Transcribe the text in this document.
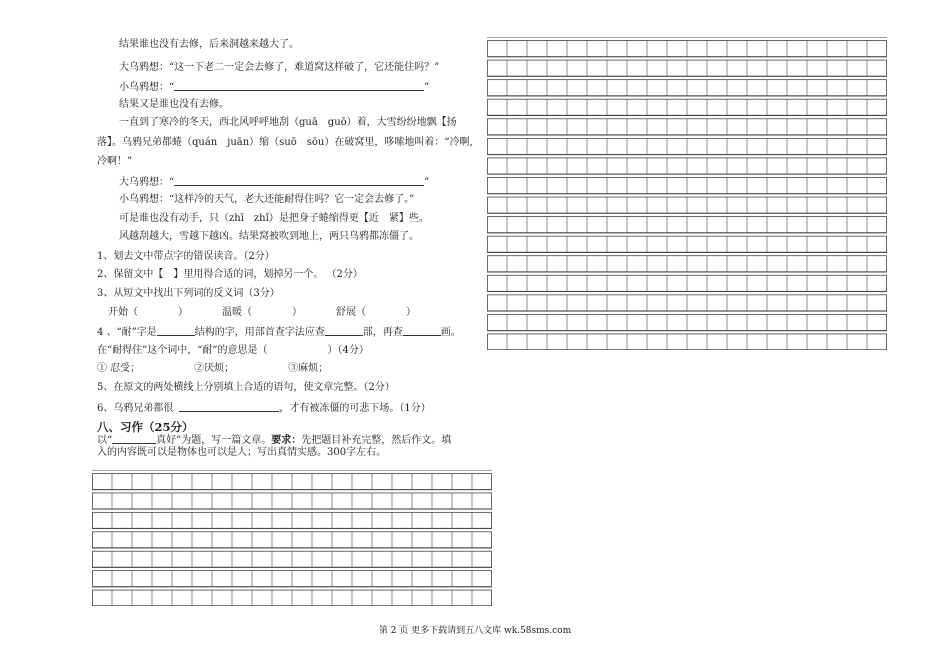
结果谁也没有去修，后来洞越来越大了。
大乌鸦想：“这一下老二一定会去修了，难道窝这样破了，它还能住吗？”
小乌鸦想：“	”
结果又是谁也没有去修。
一直到了寒冷的冬天，西北风呼呼地刮（guā　guō）着，大雪纷纷地飘【扬
落】。乌鸦兄弟都蜷（quán　juān）缩（suō　sōu）在破窝里，哆嗦地叫着：“冷啊,
冷啊！”
大乌鸦想：“	”
小乌鸦想：“这样冷的天气，老大还能耐得住吗？它一定会去修了。”
可是谁也没有动手，只（zhī　zhǐ）是把身子蜷缩得更【近　紧】些。
风越刮越大，雪越下越凶。结果窝被吹到地上，两只乌鸦都冻僵了。
1、划去文中带点字的错误读音。（2分）
2、保留文中【　】里用得合适的词，划掉另一个。 （2分）
3、从短文中找出下列词的反义词（3分）
开始（	）	温暖（	）	舒展（	）
4 、“耐”字是	结构的字，用部首查字法应查	部，再查	画。
在“耐得住”这个词中，“耐”的意思是（	）（4分）
① 忍受；	②厌烦；	③麻烦；
5、在原文的两处横线上分别填上合适的语句，使文章完整。（2分）
6、乌鸦兄弟都很	，才有被冻僵的可悲下场。（1分）
八、习作（25分）
以“	真好”为题，写一篇文章。要求：先把题目补充完整，然后作文。填
入的内容既可以是物体也可以是人；写出真情实感。300字左右。
第 2 页 更多下载请到五八文库 wk.58sms.com
